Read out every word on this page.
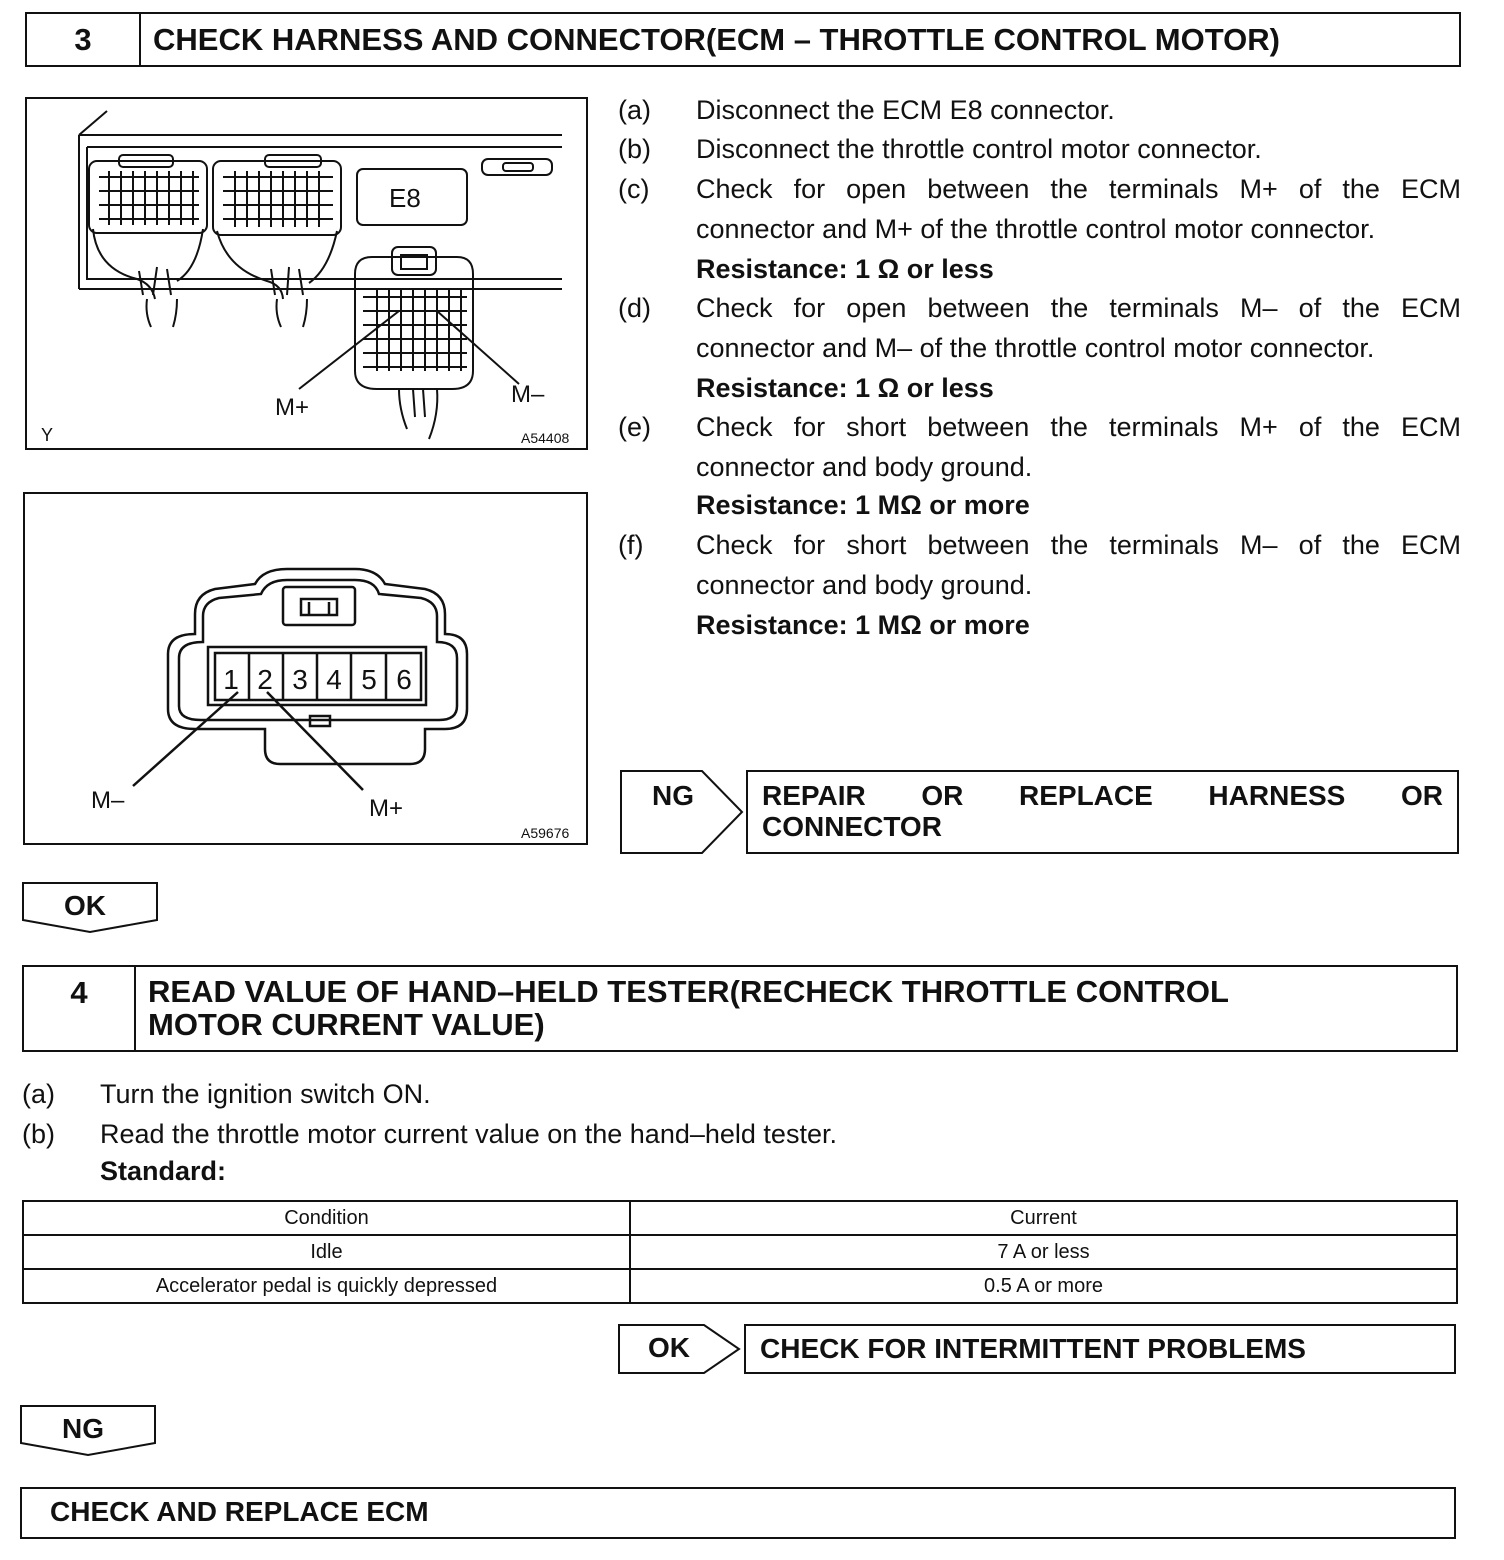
3	CHECK HARNESS AND CONNECTOR(ECM – THROTTLE CONTROL MOTOR)
E8
M+	M–
Y	A54408
1 2 3 4 5 6
M–	M+
A59676
(a) Disconnect the ECM E8 connector.
(b) Disconnect the throttle control motor connector.
(c) Check for open between the terminals M+ of the ECM connector and M+ of the throttle control motor connector.
Resistance: 1 Ω or less
(d) Check for open between the terminals M– of the ECM connector and M– of the throttle control motor connector.
Resistance: 1 Ω or less
(e) Check for short between the terminals M+ of the ECM connector and body ground.
Resistance: 1 MΩ or more
(f) Check for short between the terminals M– of the ECM connector and body ground.
Resistance: 1 MΩ or more
NG	REPAIR OR REPLACE HARNESS OR CONNECTOR
OK
4	READ VALUE OF HAND–HELD TESTER(RECHECK THROTTLE CONTROL
MOTOR CURRENT VALUE)
(a) Turn the ignition switch ON.
(b) Read the throttle motor current value on the hand–held tester.
Standard:
Condition	Current
Idle	7 A or less
Accelerator pedal is quickly depressed	0.5 A or more
OK	CHECK FOR INTERMITTENT PROBLEMS
NG
CHECK AND REPLACE ECM
